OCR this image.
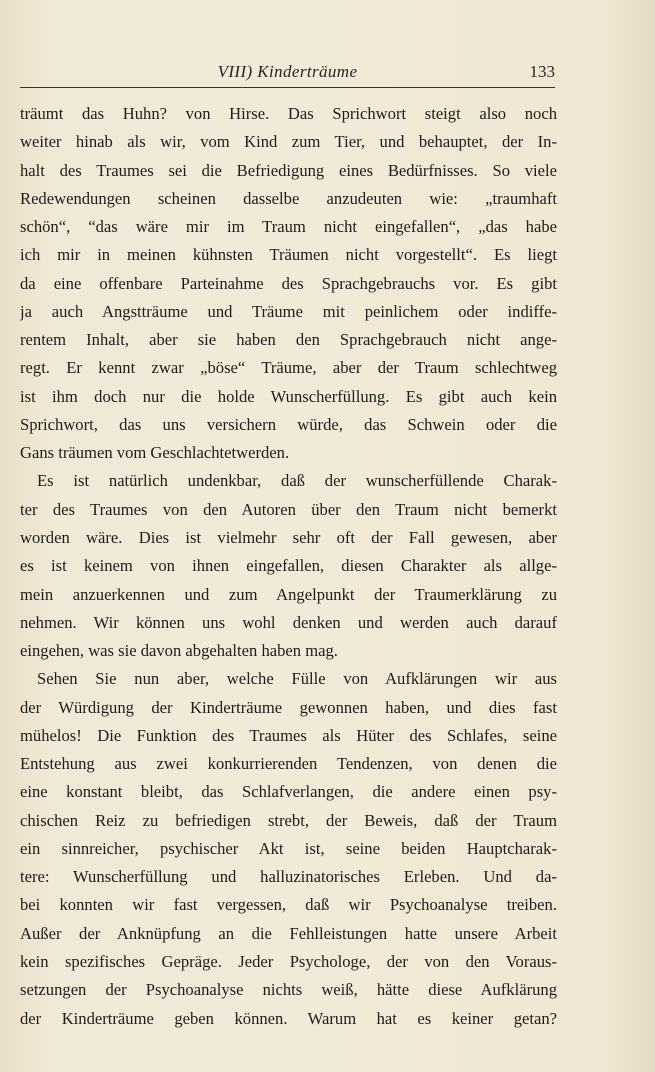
VIII) Kinderträume	133
träumt das Huhn? von Hirse. Das Sprichwort steigt also noch
weiter hinab als wir, vom Kind zum Tier, und behauptet, der In-
halt des Traumes sei die Befriedigung eines Bedürfnisses. So viele
Redewendungen scheinen dasselbe anzudeuten wie: „traumhaft
schön“, “das wäre mir im Traum nicht eingefallen“, „das habe
ich mir in meinen kühnsten Träumen nicht vorgestellt“. Es liegt
da eine offenbare Parteinahme des Sprachgebrauchs vor. Es gibt
ja auch Angstträume und Träume mit peinlichem oder indiffe-
rentem Inhalt, aber sie haben den Sprachgebrauch nicht ange-
regt. Er kennt zwar „böse“ Träume, aber der Traum schlechtweg
ist ihm doch nur die holde Wunscherfüllung. Es gibt auch kein
Sprichwort, das uns versichern würde, das Schwein oder die
Gans träumen vom Geschlachtetwerden.
Es ist natürlich undenkbar, daß der wunscherfüllende Charak-
ter des Traumes von den Autoren über den Traum nicht bemerkt
worden wäre. Dies ist vielmehr sehr oft der Fall gewesen, aber
es ist keinem von ihnen eingefallen, diesen Charakter als allge-
mein anzuerkennen und zum Angelpunkt der Traumerklärung zu
nehmen. Wir können uns wohl denken und werden auch darauf
eingehen, was sie davon abgehalten haben mag.
Sehen Sie nun aber, welche Fülle von Aufklärungen wir aus
der Würdigung der Kinderträume gewonnen haben, und dies fast
mühelos! Die Funktion des Traumes als Hüter des Schlafes, seine
Entstehung aus zwei konkurrierenden Tendenzen, von denen die
eine konstant bleibt, das Schlafverlangen, die andere einen psy-
chischen Reiz zu befriedigen strebt, der Beweis, daß der Traum
ein sinnreicher, psychischer Akt ist, seine beiden Hauptcharak-
tere: Wunscherfüllung und halluzinatorisches Erleben. Und da-
bei konnten wir fast vergessen, daß wir Psychoanalyse treiben.
Außer der Anknüpfung an die Fehlleistungen hatte unsere Arbeit
kein spezifisches Gepräge. Jeder Psychologe, der von den Voraus-
setzungen der Psychoanalyse nichts weiß, hätte diese Aufklärung
der Kinderträume geben können. Warum hat es keiner getan?
